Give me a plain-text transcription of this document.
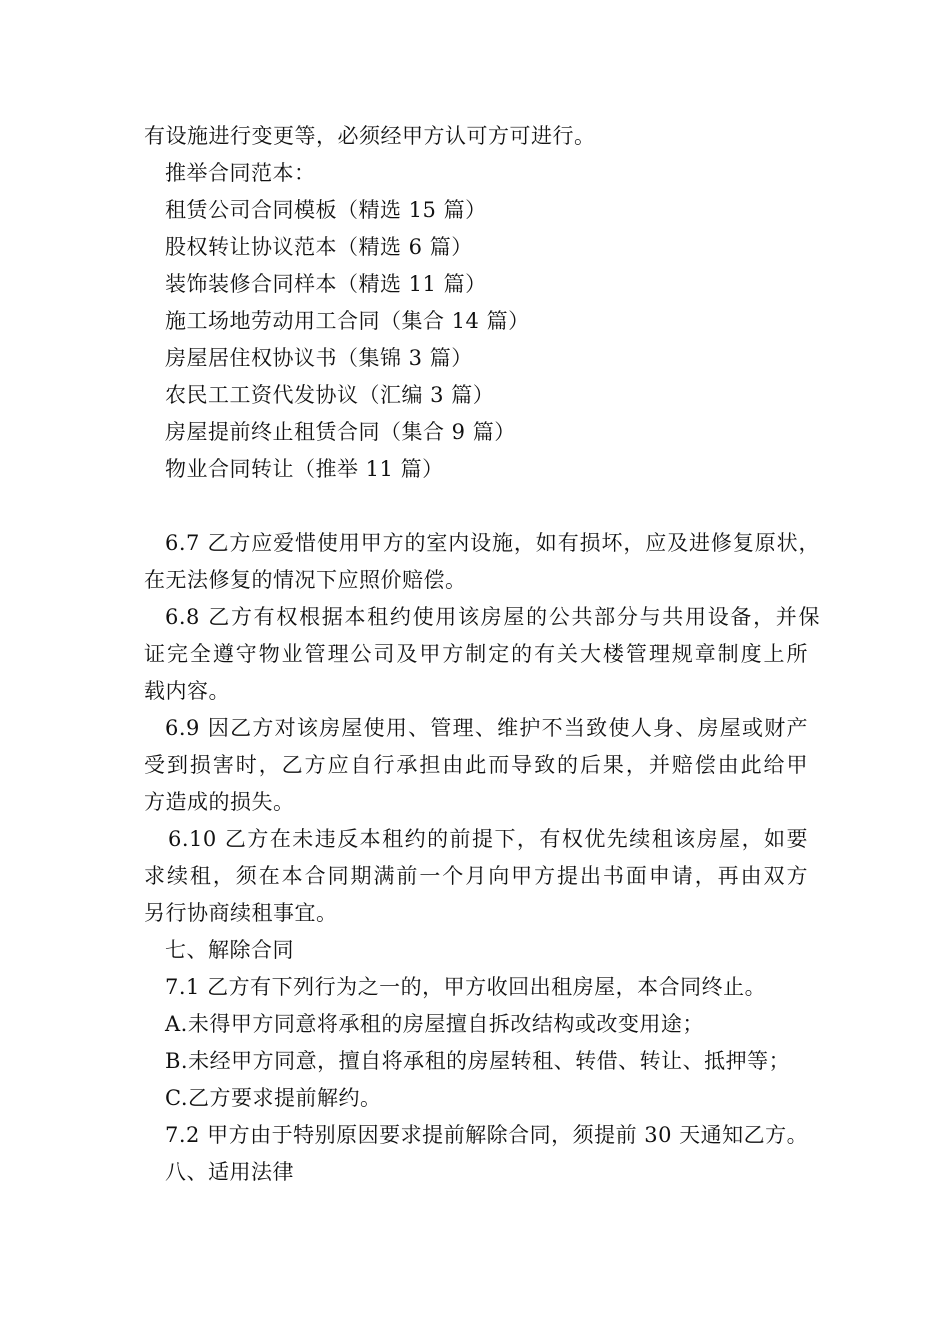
有设施进行变更等，必须经甲方认可方可进行。
推举合同范本：
租赁公司合同模板（精选 15 篇）
股权转让协议范本（精选 6 篇）
装饰装修合同样本（精选 11 篇）
施工场地劳动用工合同（集合 14 篇）
房屋居住权协议书（集锦 3 篇）
农民工工资代发协议（汇编 3 篇）
房屋提前终止租赁合同（集合 9 篇）
物业合同转让（推举 11 篇）
6.7 乙方应爱惜使用甲方的室内设施，如有损坏，应及进修复原状，
在无法修复的情况下应照价赔偿。
6.8 乙方有权根据本租约使用该房屋的公共部分与共用设备，并保
证完全遵守物业管理公司及甲方制定的有关大楼管理规章制度上所
载内容。
6.9 因乙方对该房屋使用、管理、维护不当致使人身、房屋或财产
受到损害时，乙方应自行承担由此而导致的后果，并赔偿由此给甲
方造成的损失。
6.10 乙方在未违反本租约的前提下，有权优先续租该房屋，如要
求续租，须在本合同期满前一个月向甲方提出书面申请，再由双方
另行协商续租事宜。
七、解除合同
7.1 乙方有下列行为之一的，甲方收回出租房屋，本合同终止。
A.未得甲方同意将承租的房屋擅自拆改结构或改变用途；
B.未经甲方同意，擅自将承租的房屋转租、转借、转让、抵押等；
C.乙方要求提前解约。
7.2 甲方由于特别原因要求提前解除合同，须提前 30 天通知乙方。
八、适用法律
